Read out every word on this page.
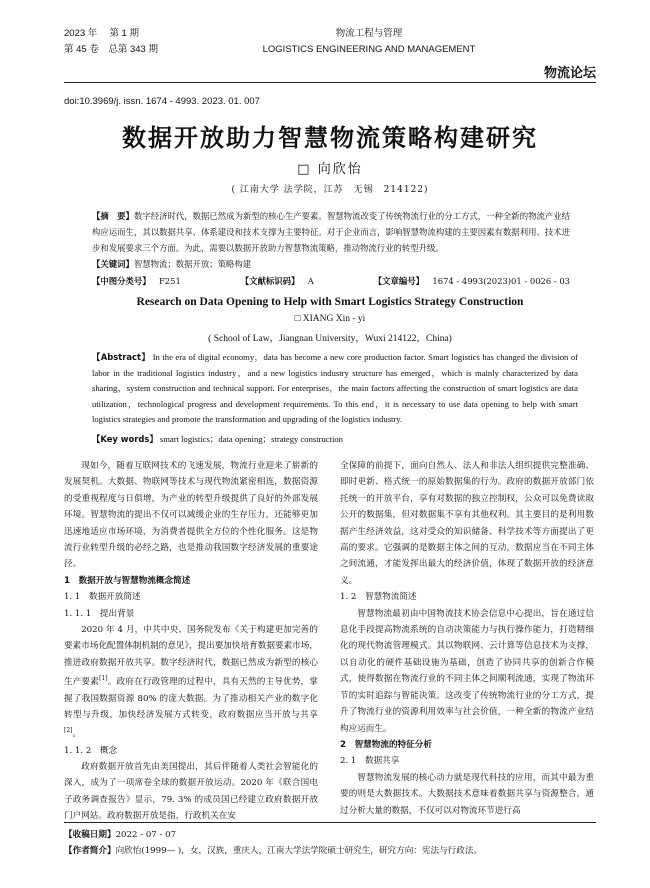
2023 年　 第 1 期
第 45 卷　总第 343 期
物流工程与管理
LOGISTICS ENGINEERING AND MANAGEMENT
物流论坛
doi:10.3969/j. issn. 1674 - 4993. 2023. 01. 007
数据开放助力智慧物流策略构建研究
□ 向欣怡
( 江南大学 法学院，江苏　无锡　214122)
【摘　要】数字经济时代，数据已然成为新型的核心生产要素。智慧物流改变了传统物流行业的分工方式，一种全新的物流产业结构应运而生，其以数据共享、体系建设和技术支撑为主要特征。对于企业而言，影响智慧物流构建的主要因素有数据利用、技术进步和发展要求三个方面。为此，需要以数据开放助力智慧物流策略，推动物流行业的转型升级。
【关键词】智慧物流；数据开放；策略构建
【中图分类号】  F251	【文献标识码】  A	【文章编号】  1674 - 4993(2023)01 - 0026 - 03
Research on Data Opening to Help with Smart Logistics Strategy Construction
□ XIANG Xin - yi
( School of Law，Jiangnan University，Wuxi 214122，China)
【Abstract】 In the era of digital economy，data has become a new core production factor. Smart logistics has changed the division of labor in the traditional logistics industry，and a new logistics industry structure has emerged，which is mainly characterized by data sharing，system construction and technical support. For enterprises，the main factors affecting the construction of smart logistics are data utilization，technological progress and development requirements. To this end，it is necessary to use data opening to help with smart logistics strategies and promote the transformation and upgrading of the logistics industry.
【Key words】 smart logistics；data opening；strategy construction

现如今，随着互联网技术的飞速发展，物流行业迎来了崭新的发展契机。大数据、物联网等技术与现代物流紧密相连，数据资源的受重视程度与日俱增，为产业的转型升级提供了良好的外部发展环境。智慧物流的提出不仅可以减缓企业的生存压力，还能够更加迅速地适应市场环境，为消费者提供全方位的个性化服务。这是物流行业转型升级的必经之路，也是推动我国数字经济发展的重要途径。

1　数据开放与智慧物流概念简述
1. 1　数据开放简述
1. 1. 1　提出背景

2020 年 4 月，中共中央、国务院发布《关于构建更加完善的要素市场化配置体制机制的意见》，提出要加快培育数据要素市场，推进政府数据开放共享。数字经济时代，数据已然成为新型的核心生产要素[1]。政府在行政管理的过程中，具有天然的主导优势，掌握了我国数据资源 80% 的庞大数据。为了推动相关产业的数字化转型与升级，加快经济发展方式转变，政府数据应当开放与共享[2]。

1. 1. 2　概念

政府数据开放首先由美国提出，其后伴随着人类社会智能化的深入，成为了一项席卷全球的数据开放运动。2020 年《联合国电子政务调查报告》显示，79. 3% 的成员国已经建立政府数据开放门户网站。政府数据开放是指，行政机关在安

全保障的前提下，面向自然人、法人和非法人组织提供完整准确、即时更新、格式统一的原始数据集的行为。政府的数据开放部门依托统一的开放平台，享有对数据的独立控制权，公众可以免费读取公开的数据集，但对数据集不享有其他权利。其主要目的是利用数据产生经济效益，这对受众的知识储备、科学技术等方面提出了更高的要求。它强调的是数据主体之间的互动，数据应当在不同主体之间流通，才能发挥出最大的经济价值，体现了数据开放的经济意义。

1. 2　智慧物流简述

智慧物流最初由中国物流技术协会信息中心提出，旨在通过信息化手段提高物流系统的自动决策能力与执行操作能力，打造精细化的现代物流管理模式。其以物联网、云计算等信息技术为支撑，以自动化的硬件基础设施为基础，创造了协同共享的创新合作模式，使得数据在物流行业的不同主体之间顺利流通，实现了物流环节的实时追踪与智能决策。这改变了传统物流行业的分工方式，提升了物流行业的资源利用效率与社会价值，一种全新的物流产业结构应运而生。

2　智慧物流的特征分析
2. 1　数据共享

智慧物流发展的核心动力就是现代科技的应用，而其中最为重要的则是大数据技术。大数据技术意味着数据共享与资源整合，通过分析大量的数据，不仅可以对物流环节进行高

【收稿日期】2022 - 07 - 07
【作者简介】向欣怡(1999— )，女，汉族，重庆人，江南大学法学院硕士研究生，研究方向：宪法与行政法。
